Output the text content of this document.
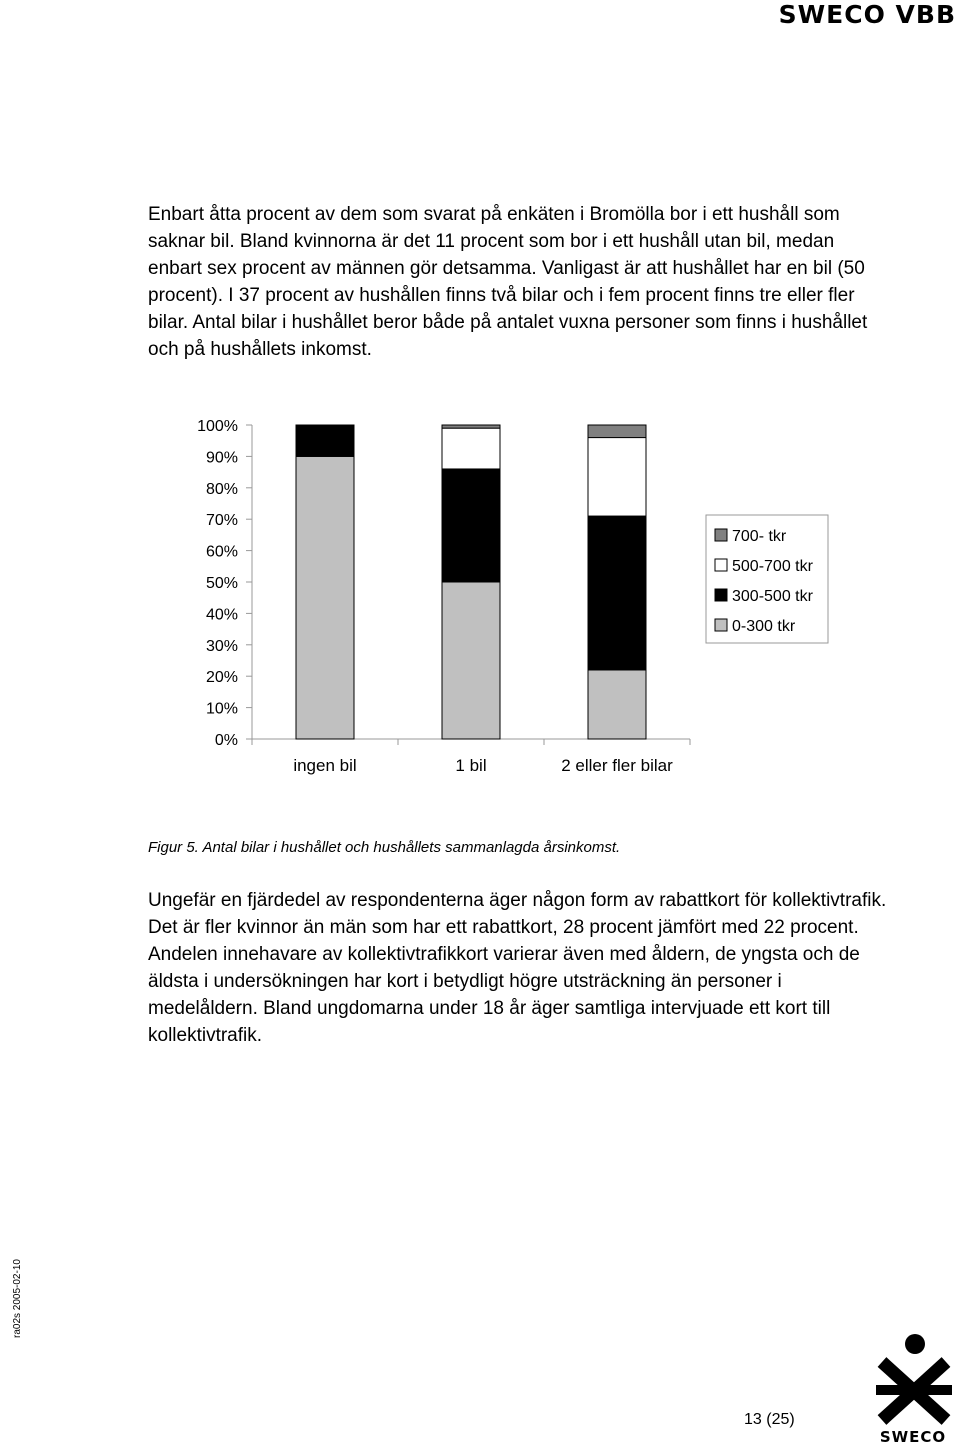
SWECO VBB

Enbart åtta procent av dem som svarat på enkäten i Bromölla bor i ett hushåll som saknar bil. Bland kvinnorna är det 11 procent som bor i ett hushåll utan bil, medan enbart sex procent av männen gör detsamma. Vanligast är att hushållet har en bil (50 procent). I 37 procent av hushållen finns två bilar och i fem procent finns tre eller fler bilar. Antal bilar i hushållet beror både på antalet vuxna personer som finns i hushållet och på hushållets inkomst.

0%
10%
20%
30%
40%
50%
60%
70%
80%
90%
100%
ingen bil	1 bil	2 eller fler bilar
700- tkr
500-700 tkr
300-500 tkr
0-300 tkr

Figur 5. Antal bilar i hushållet och hushållets sammanlagda årsinkomst.

Ungefär en fjärdedel av respondenterna äger någon form av rabattkort för kollektivtrafik. Det är fler kvinnor än män som har ett rabattkort, 28 procent jämfört med 22 procent. Andelen innehavare av kollektivtrafikkort varierar även med åldern, de yngsta och de äldsta i undersökningen har kort i betydligt högre utsträckning än personer i medelåldern. Bland ungdomarna under 18 år äger samtliga intervjuade ett kort till kollektivtrafik.

ra02s 2005-02-10
13 (25)
SWECO
